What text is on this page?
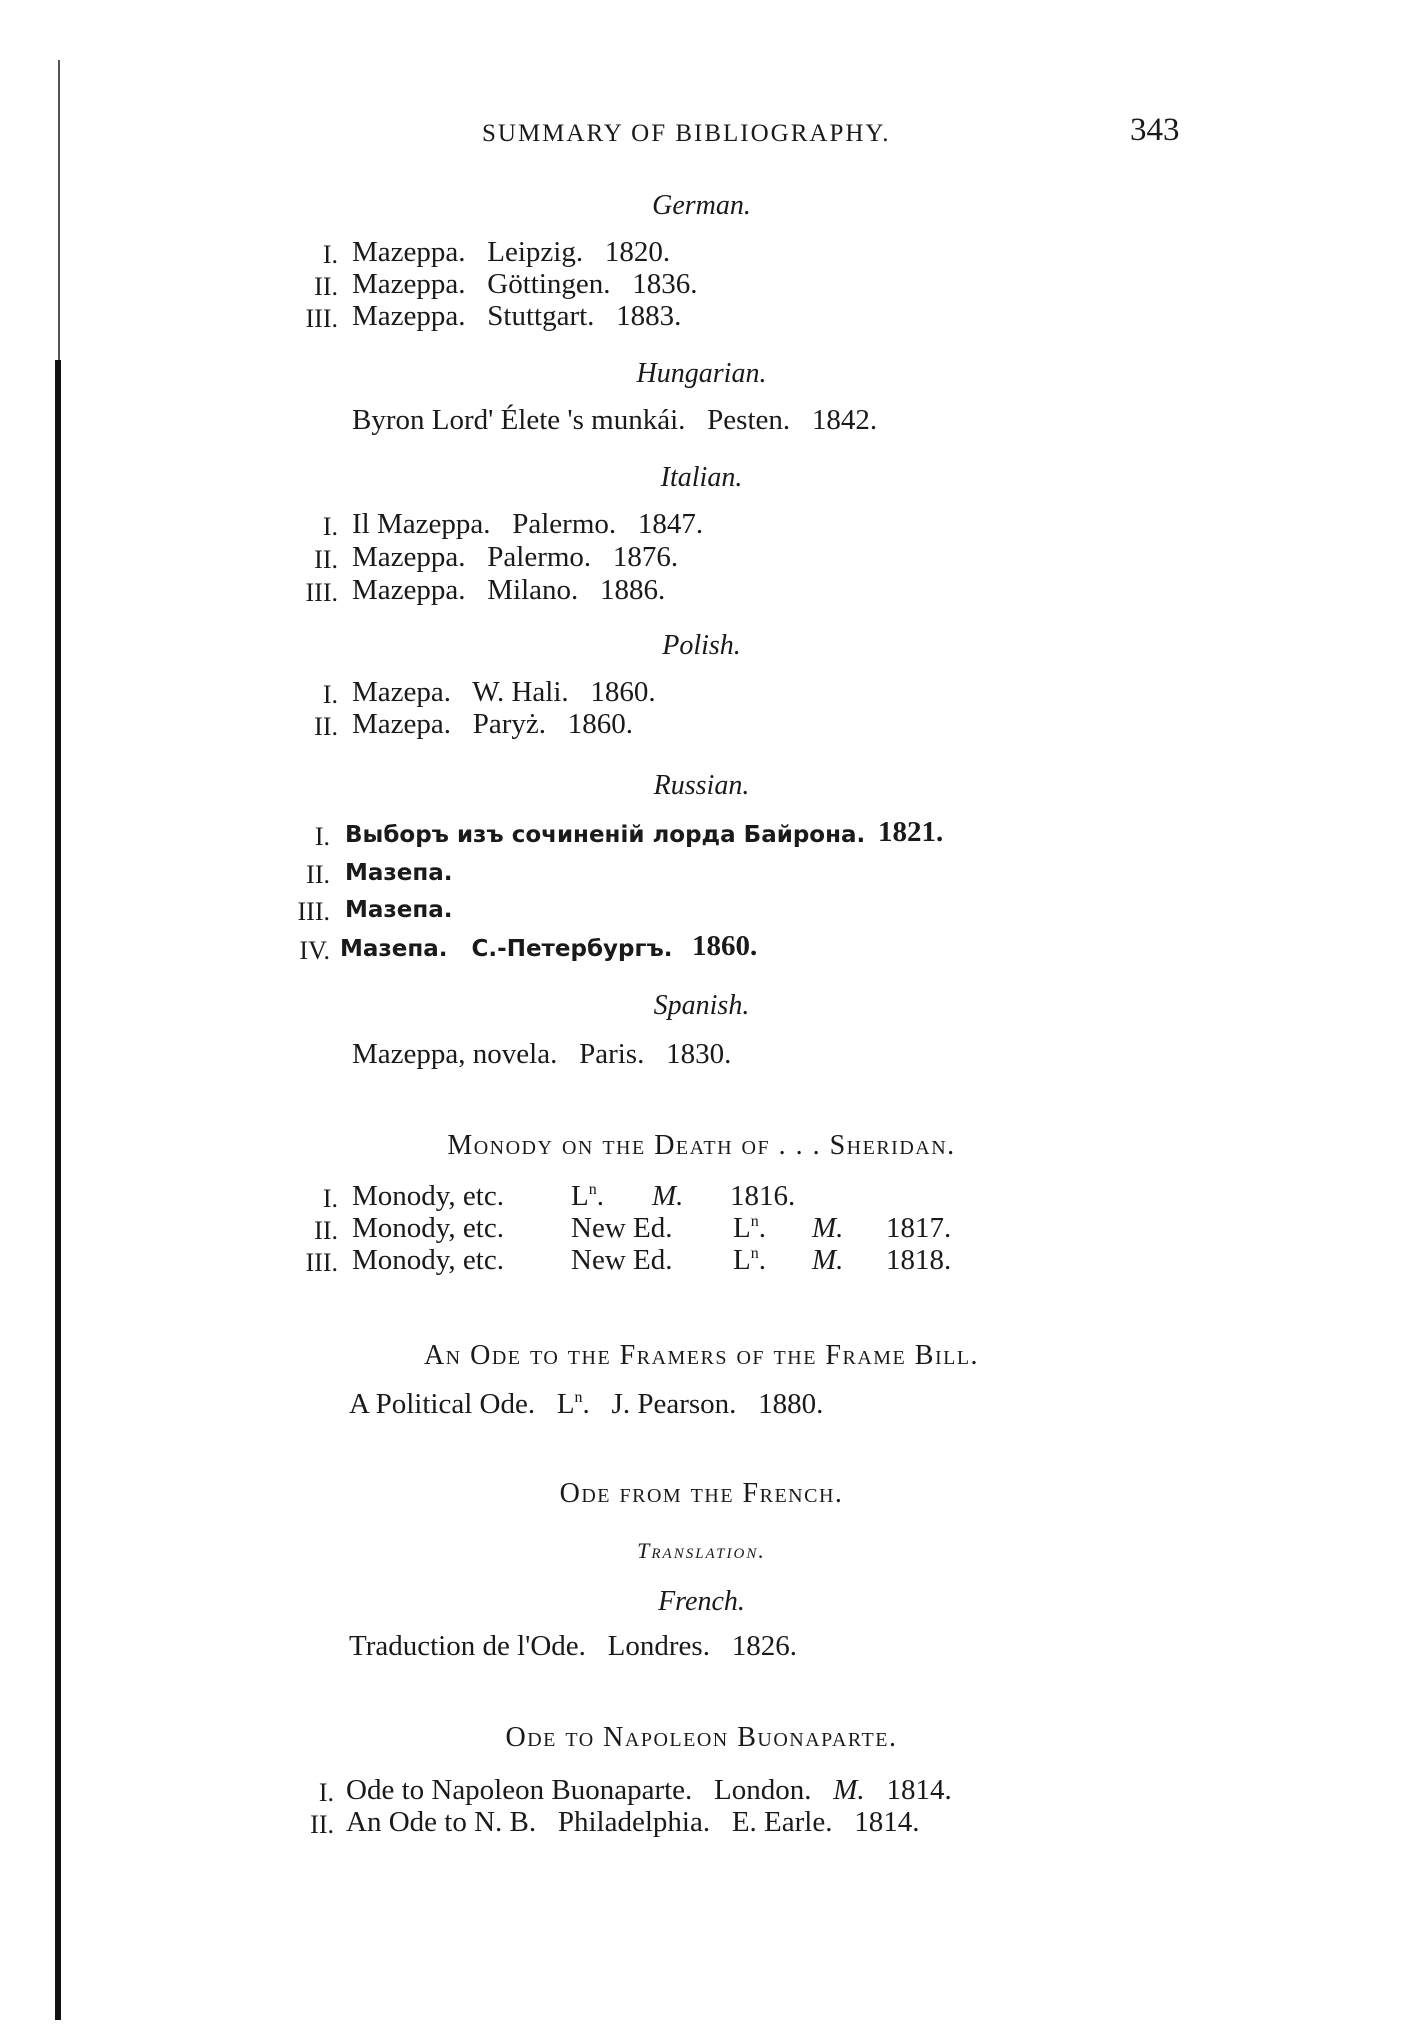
SUMMARY OF BIBLIOGRAPHY.	343
German.
I. Mazeppa.   Leipzig.   1820.
II. Mazeppa.   Göttingen.   1836.
III. Mazeppa.   Stuttgart.   1883.
Hungarian.
Byron Lord' Élete 's munkái.   Pesten.   1842.
Italian.
I. Il Mazeppa.   Palermo.   1847.
II. Mazeppa.   Palermo.   1876.
III. Mazeppa.   Milano.   1886.
Polish.
I. Mazepa.   W. Hali.   1860.
II. Mazepa.   Paryż.   1860.
Russian.
I. Выборъ изъ сочиненій лорда Байрона. 1821.
II. Мазепа.
III. Мазепа.
IV. Мазепа.   С.-Петербургъ. 1860.
Spanish.
Mazeppa, novela.   Paris.   1830.
Monody on the Death of . . . Sheridan.
I. Monody, etc. $L^n$. M. 1816.
II. Monody, etc. New Ed. $L^n$. M. 1817.
III. Monody, etc. New Ed. $L^n$. M. 1818.
An Ode to the Framers of the Frame Bill.
A Political Ode.   $L^n$.   J. Pearson.   1880.
Ode from the French.
Translation.
French.
Traduction de l'Ode.   Londres.   1826.
Ode to Napoleon Buonaparte.
I. Ode to Napoleon Buonaparte.   London.   M.   1814.
II. An Ode to N. B.   Philadelphia.   E. Earle.   1814.
